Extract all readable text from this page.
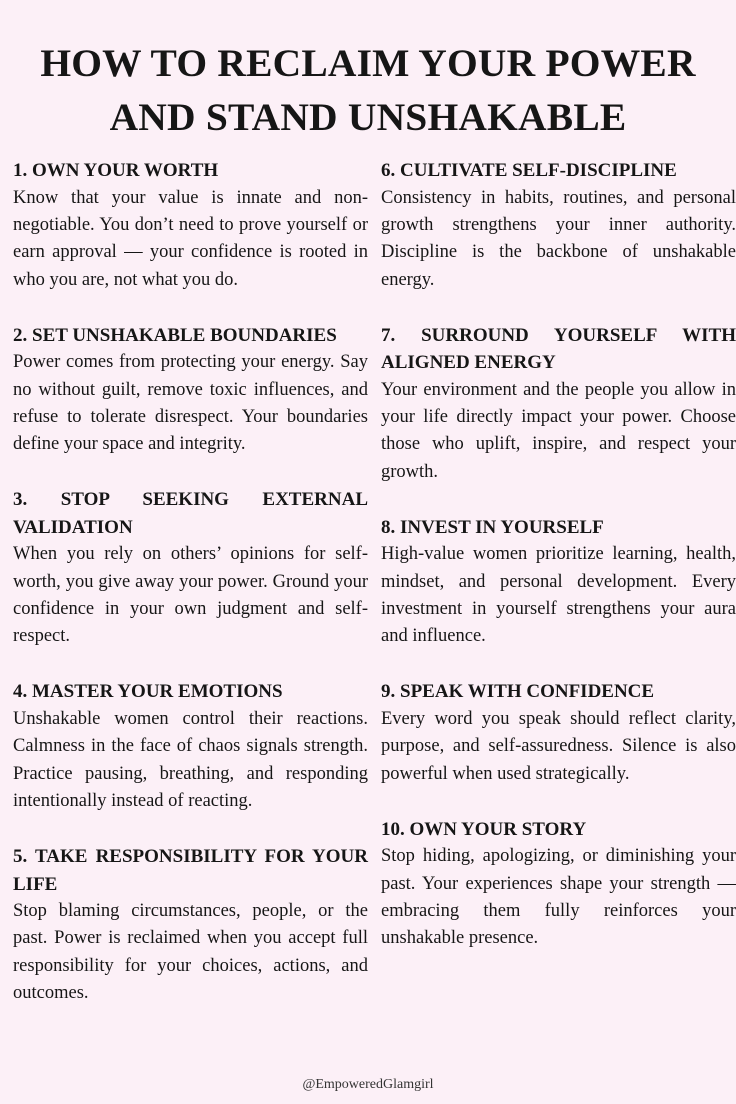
HOW TO RECLAIM YOUR POWER
AND STAND UNSHAKABLE
1. OWN YOUR WORTH

Know that your value is innate and non-negotiable. You don’t need to prove yourself or earn approval — your confidence is rooted in who you are, not what you do.

2. SET UNSHAKABLE BOUNDARIES

Power comes from protecting your energy. Say no without guilt, remove toxic influences, and refuse to tolerate disrespect. Your boundaries define your space and integrity.

3. STOP SEEKING EXTERNAL VALIDATION

When you rely on others’ opinions for self-worth, you give away your power. Ground your confidence in your own judgment and self-respect.

4. MASTER YOUR EMOTIONS

Unshakable women control their reactions. Calmness in the face of chaos signals strength. Practice pausing, breathing, and responding intentionally instead of reacting.

5. TAKE RESPONSIBILITY FOR YOUR LIFE

Stop blaming circumstances, people, or the past. Power is reclaimed when you accept full responsibility for your choices, actions, and outcomes.

6. CULTIVATE SELF-DISCIPLINE

Consistency in habits, routines, and personal growth strengthens your inner authority. Discipline is the backbone of unshakable energy.

7. SURROUND YOURSELF WITH ALIGNED ENERGY

Your environment and the people you allow in your life directly impact your power. Choose those who uplift, inspire, and respect your growth.

8. INVEST IN YOURSELF

High-value women prioritize learning, health, mindset, and personal development. Every investment in yourself strengthens your aura and influence.

9. SPEAK WITH CONFIDENCE

Every word you speak should reflect clarity, purpose, and self-assuredness. Silence is also powerful when used strategically.

10. OWN YOUR STORY

Stop hiding, apologizing, or diminishing your past. Your experiences shape your strength — embracing them fully reinforces your unshakable presence.

@EmpoweredGlamgirl
